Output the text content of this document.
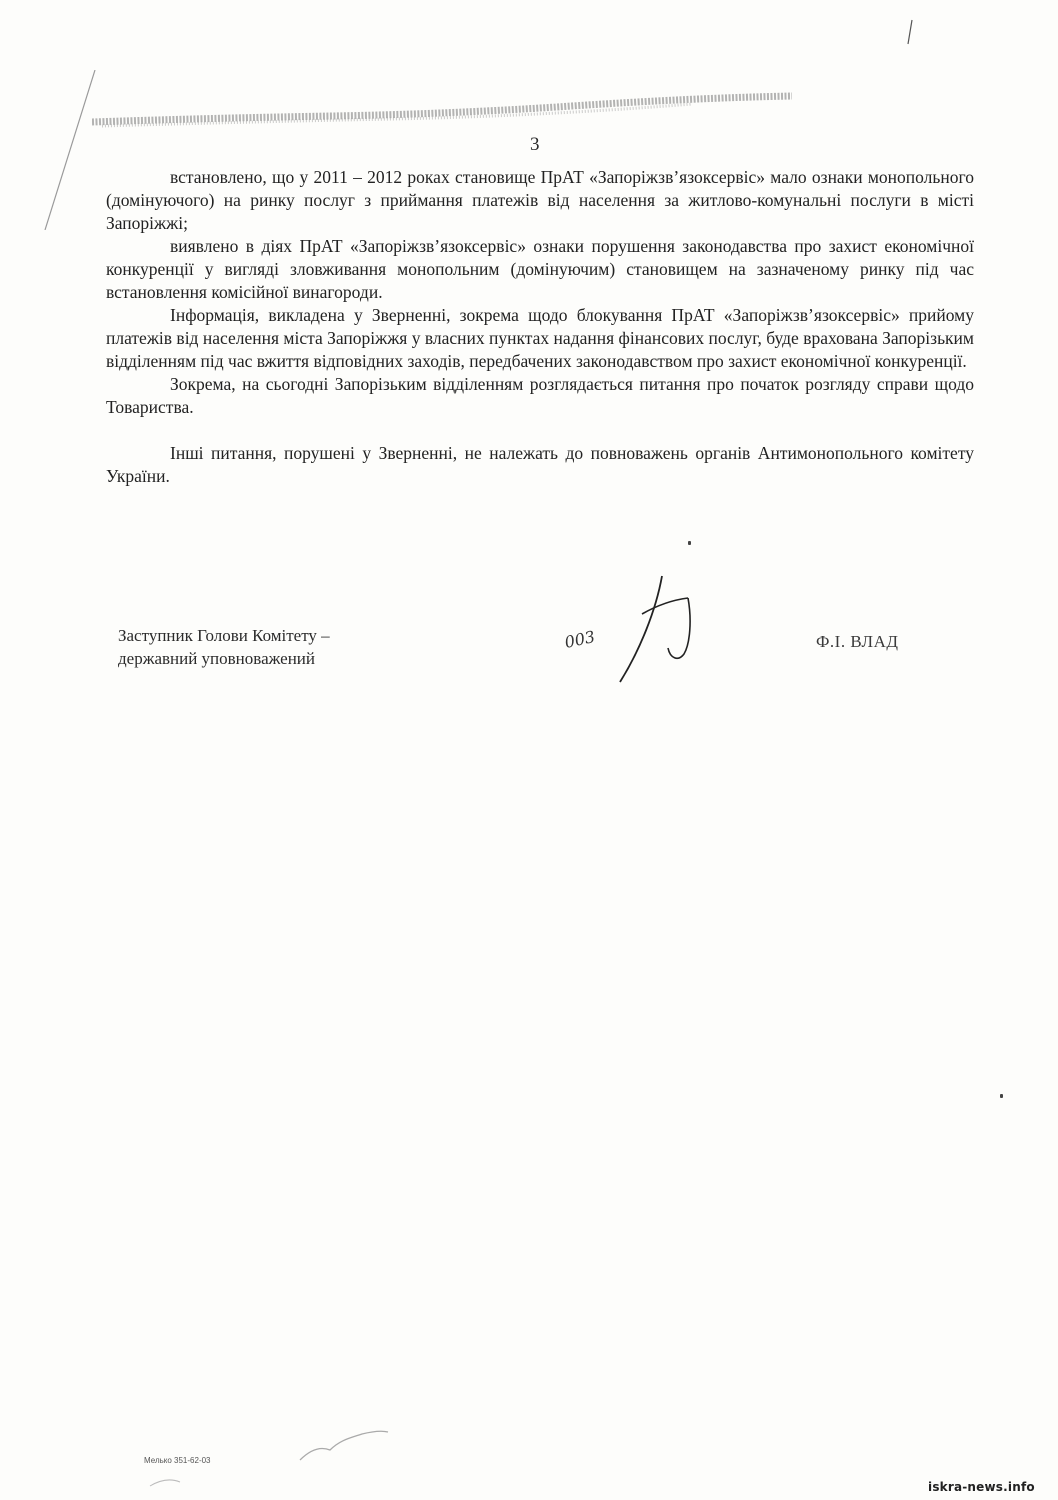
3

встановлено, що у 2011 – 2012 роках становище ПрАТ «Запоріжзв’язоксервіс» мало ознаки монопольного (домінуючого) на ринку послуг з приймання платежів від населення за житлово-комунальні послуги в місті Запоріжжі;

виявлено в діях ПрАТ «Запоріжзв’язоксервіс» ознаки порушення законодавства про захист економічної конкуренції у вигляді зловживання монопольним (домінуючим) становищем на зазначеному ринку під час встановлення комісійної винагороди.

Інформація, викладена у Зверненні, зокрема щодо блокування ПрАТ «Запоріжзв’язоксервіс» прийому платежів від населення міста Запоріжжя у власних пунктах надання фінансових послуг, буде врахована Запорізьким відділенням під час вжиття відповідних заходів, передбачених законодавством про захист економічної конкуренції.

Зокрема, на сьогодні Запорізьким відділенням розглядається питання про початок розгляду справи щодо Товариства.

Інші питання, порушені у Зверненні, не належать до повноважень органів Антимонопольного комітету України.

Заступник Голови Комітету –
державний уповноважений
003	Ф.І. ВЛАД
Мелько 351-62-03
iskra-news.info
